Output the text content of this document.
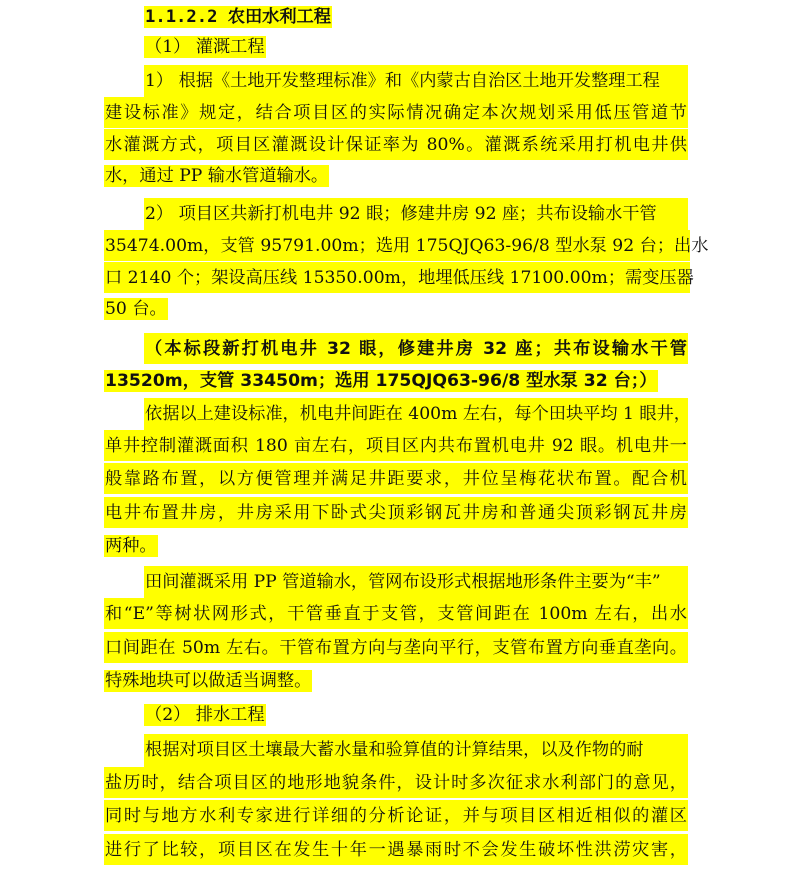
1.1.2.2 农田水利工程
（1） 灌溉工程
1） 根据《土地开发整理标准》和《内蒙古自治区土地开发整理工程
建设标准》规定，结合项目区的实际情况确定本次规划采用低压管道节
水灌溉方式，项目区灌溉设计保证率为 80%。灌溉系统采用打机电井供
水，通过 PP 输水管道输水。
2） 项目区共新打机电井 92 眼；修建井房 92 座；共布设输水干管
35474.00m，支管 95791.00m；选用 175QJQ63-96/8 型水泵 92 台；出水
口 2140 个；架设高压线 15350.00m，地埋低压线 17100.00m；需变压器
50 台。
（本标段新打机电井 32 眼，修建井房 32 座；共布设输水干管
13520m，支管 33450m；选用 175QJQ63-96/8 型水泵 32 台；）
依据以上建设标准，机电井间距在 400m 左右，每个田块平均 1 眼井，
单井控制灌溉面积 180 亩左右，项目区内共布置机电井 92 眼。机电井一
般靠路布置，以方便管理并满足井距要求，井位呈梅花状布置。配合机
电井布置井房，井房采用下卧式尖顶彩钢瓦井房和普通尖顶彩钢瓦井房
两种。
田间灌溉采用 PP 管道输水，管网布设形式根据地形条件主要为“丰”
和“E”等树状网形式，干管垂直于支管，支管间距在 100m 左右，出水
口间距在 50m 左右。干管布置方向与垄向平行，支管布置方向垂直垄向。
特殊地块可以做适当调整。
（2） 排水工程
根据对项目区土壤最大蓄水量和验算值的计算结果，以及作物的耐
盐历时，结合项目区的地形地貌条件，设计时多次征求水利部门的意见，
同时与地方水利专家进行详细的分析论证，并与项目区相近相似的灌区
进行了比较，项目区在发生十年一遇暴雨时不会发生破坏性洪涝灾害，
